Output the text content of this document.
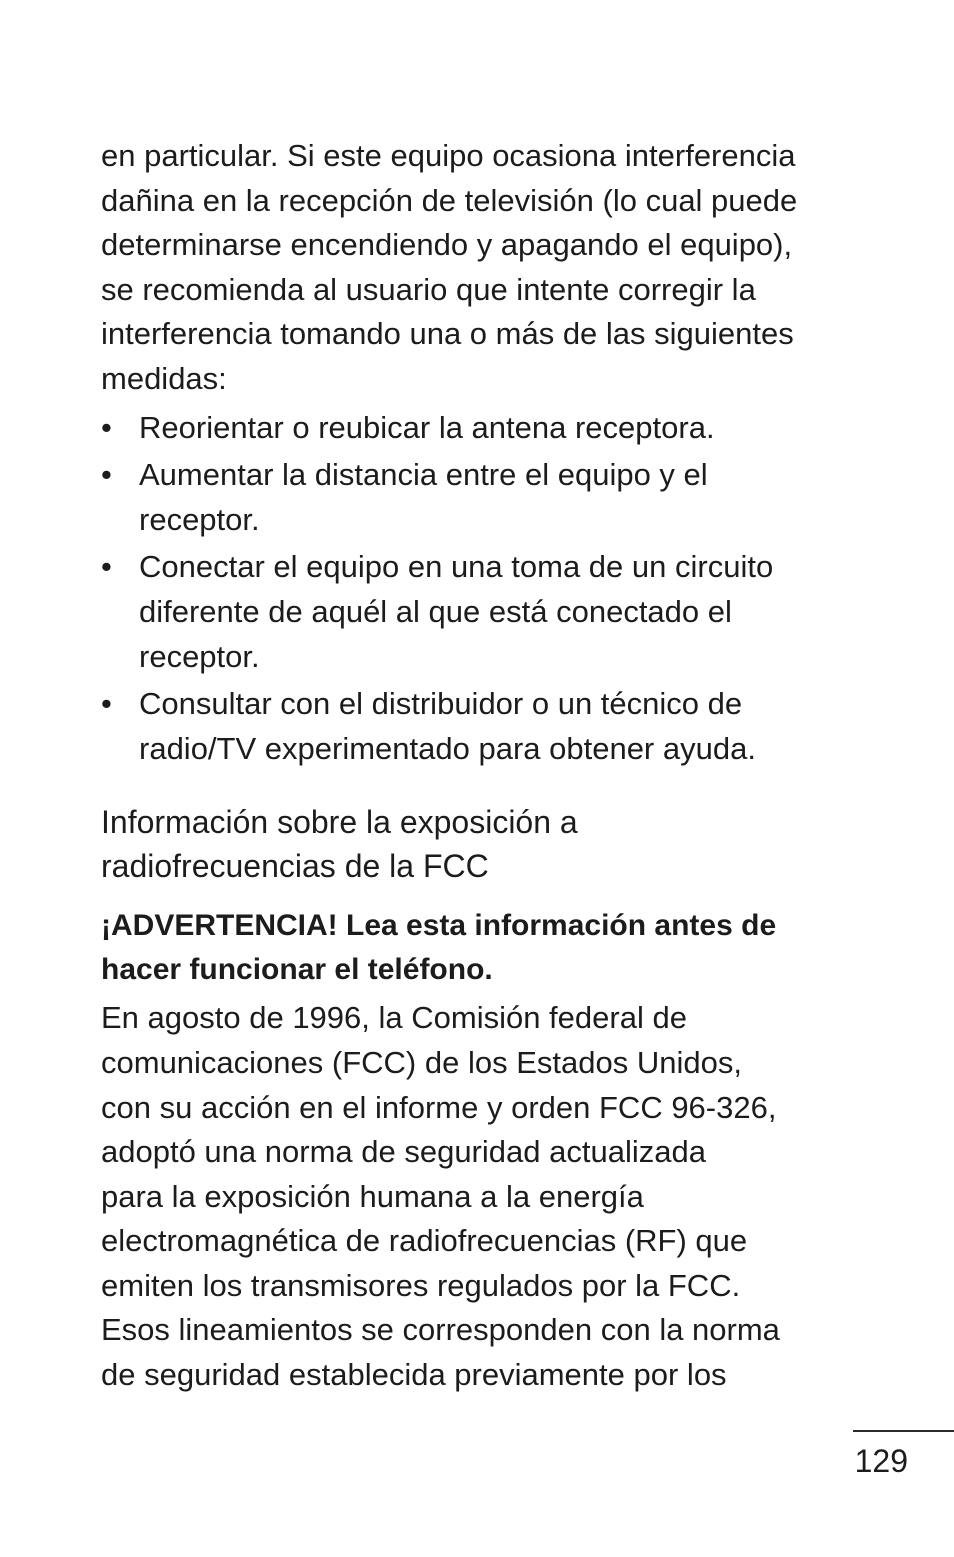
en particular. Si este equipo ocasiona interferencia
dañina en la recepción de televisión (lo cual puede
determinarse encendiendo y apagando el equipo),
se recomienda al usuario que intente corregir la
interferencia tomando una o más de las siguientes
medidas:

• Reorientar o reubicar la antena receptora.
• Aumentar la distancia entre el equipo y el
receptor.
• Conectar el equipo en una toma de un circuito
diferente de aquél al que está conectado el
receptor.
• Consultar con el distribuidor o un técnico de
radio/TV experimentado para obtener ayuda.
Información sobre la exposición a
radiofrecuencias de la FCC

¡ADVERTENCIA! Lea esta información antes de
hacer funcionar el teléfono.

En agosto de 1996, la Comisión federal de
comunicaciones (FCC) de los Estados Unidos,
con su acción en el informe y orden FCC 96-326,
adoptó una norma de seguridad actualizada
para la exposición humana a la energía
electromagnética de radiofrecuencias (RF) que
emiten los transmisores regulados por la FCC.
Esos lineamientos se corresponden con la norma
de seguridad establecida previamente por los

129
